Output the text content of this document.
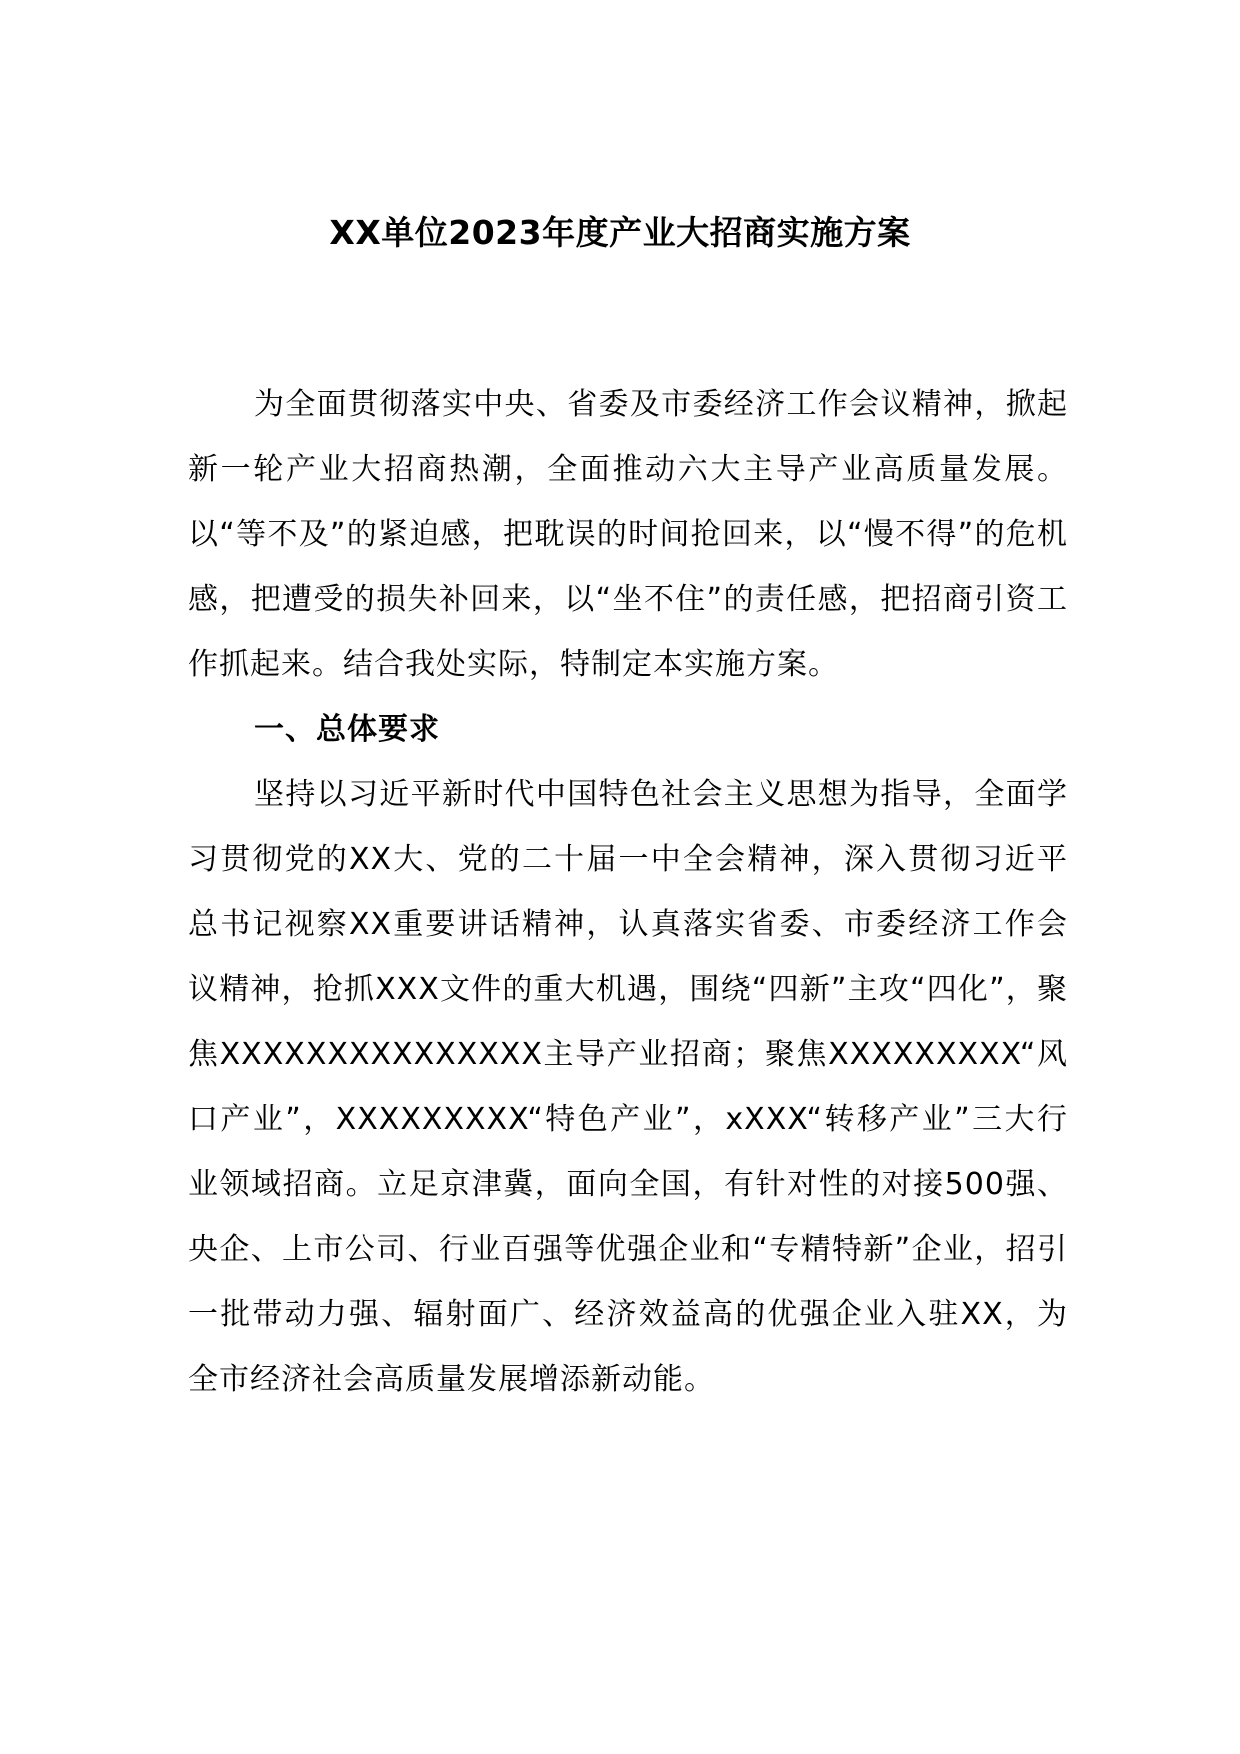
XX单位2023年度产业大招商实施方案

为全面贯彻落实中央、省委及市委经济工作会议精神，掀起新一轮产业大招商热潮，全面推动六大主导产业高质量发展。以“等不及”的紧迫感，把耽误的时间抢回来，以“慢不得”的危机感，把遭受的损失补回来，以“坐不住”的责任感，把招商引资工作抓起来。结合我处实际，特制定本实施方案。

一、总体要求

坚持以习近平新时代中国特色社会主义思想为指导，全面学习贯彻党的XX大、党的二十届一中全会精神，深入贯彻习近平总书记视察XX重要讲话精神，认真落实省委、市委经济工作会议精神，抢抓XXX文件的重大机遇，围绕“四新”主攻“四化”，聚焦XXXXXXXXXXXXXXX主导产业招商；聚焦XXXXXXXXX“风口产业”，XXXXXXXXX“特色产业”，xXXX“转移产业”三大行业领域招商。立足京津冀，面向全国，有针对性的对接500强、央企、上市公司、行业百强等优强企业和“专精特新”企业，招引一批带动力强、辐射面广、经济效益高的优强企业入驻XX，为全市经济社会高质量发展增添新动能。
